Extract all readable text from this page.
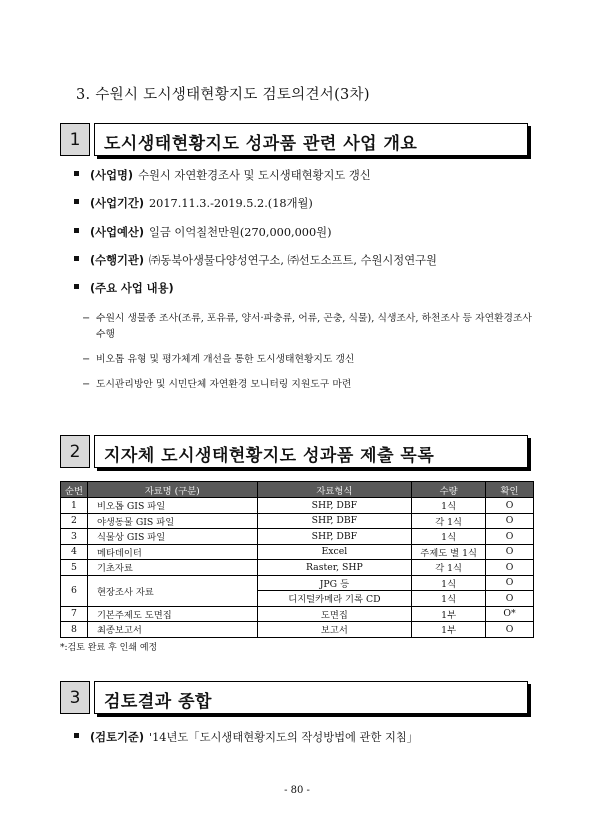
3. 수원시 도시생태현황지도 검토의견서(3차)
1	도시생태현황지도 성과품 관련 사업 개요
(사업명) 수원시 자연환경조사 및 도시생태현황지도 갱신
(사업기간) 2017.11.3.-2019.5.2.(18개월)
(사업예산) 일금 이억칠천만원(270,000,000원)
(수행기관) ㈜동북아생물다양성연구소, ㈜선도소프트, 수원시정연구원
(주요 사업 내용)
− 수원시 생물종 조사(조류, 포유류, 양서·파충류, 어류, 곤충, 식물), 식생조사, 하천조사 등 자연환경조사 수행
− 비오톱 유형 및 평가체계 개선을 통한 도시생태현황지도 갱신
− 도시관리방안 및 시민단체 자연환경 모니터링 지원도구 마련
2	지자체 도시생태현황지도 성과품 제출 목록
순번	자료명 (구분)	자료형식	수량	확인
1	비오톱 GIS 파일	SHP, DBF	1식	O
2	야생동물 GIS 파일	SHP, DBF	각 1식	O
3	식물상 GIS 파일	SHP, DBF	1식	O
4	메타데이터	Excel	주제도 별 1식	O
5	기초자료	Raster, SHP	각 1식	O
6	현장조사 자료	JPG 등	1식	O
		디지털카메라 기록 CD	1식	O
7	기본주제도 도면집	도면집	1부	O*
8	최종보고서	보고서	1부	O
*:검토 완료 후 인쇄 예정
3	검토결과 종합
(검토기준) '14년도「도시생태현황지도의 작성방법에 관한 지침」
- 80 -
